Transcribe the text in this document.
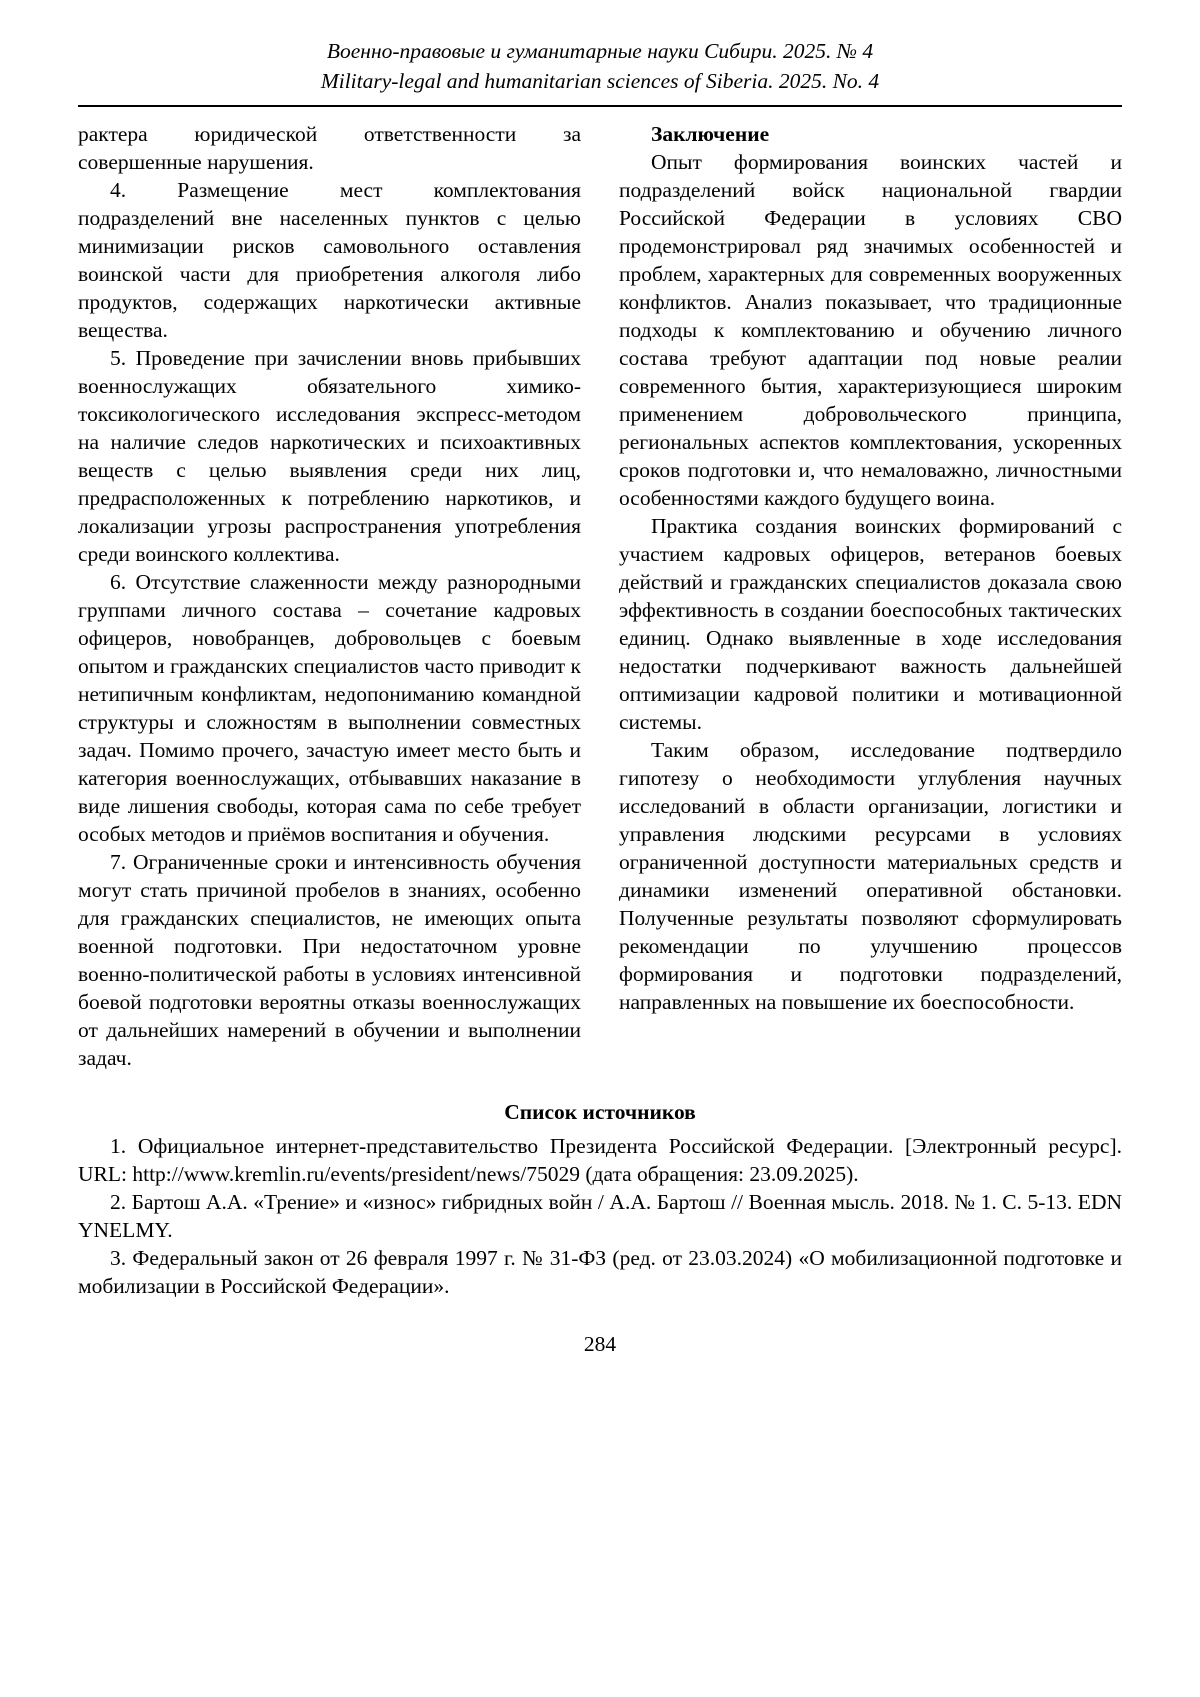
Военно-правовые и гуманитарные науки Сибири. 2025. № 4
Military-legal and humanitarian sciences of Siberia. 2025. No. 4

рактера юридической ответственности за совершенные нарушения.

4. Размещение мест комплектования подразделений вне населенных пунктов с целью минимизации рисков самовольного оставления воинской части для приобретения алкоголя либо продуктов, содержащих наркотически активные вещества.

5. Проведение при зачислении вновь прибывших военнослужащих обязательного химико-токсикологического исследования экспресс-методом на наличие следов наркотических и психоактивных веществ с целью выявления среди них лиц, предрасположенных к потреблению наркотиков, и локализации угрозы распространения употребления среди воинского коллектива.

6. Отсутствие слаженности между разнородными группами личного состава – сочетание кадровых офицеров, новобранцев, добровольцев с боевым опытом и гражданских специалистов часто приводит к нетипичным конфликтам, недопониманию командной структуры и сложностям в выполнении совместных задач. Помимо прочего, зачастую имеет место быть и категория военнослужащих, отбывавших наказание в виде лишения свободы, которая сама по себе требует особых методов и приёмов воспитания и обучения.

7. Ограниченные сроки и интенсивность обучения могут стать причиной пробелов в знаниях, особенно для гражданских специалистов, не имеющих опыта военной подготовки. При недостаточном уровне военно-политической работы в условиях интенсивной боевой подготовки вероятны отказы военнослужащих от дальнейших намерений в обучении и выполнении задач.

Заключение

Опыт формирования воинских частей и подразделений войск национальной гвардии Российской Федерации в условиях СВО продемонстрировал ряд значимых особенностей и проблем, характерных для современных вооруженных конфликтов. Анализ показывает, что традиционные подходы к комплектованию и обучению личного состава требуют адаптации под новые реалии современного бытия, характеризующиеся широким применением добровольческого принципа, региональных аспектов комплектования, ускоренных сроков подготовки и, что немаловажно, личностными особенностями каждого будущего воина.

Практика создания воинских формирований с участием кадровых офицеров, ветеранов боевых действий и гражданских специалистов доказала свою эффективность в создании боеспособных тактических единиц. Однако выявленные в ходе исследования недостатки подчеркивают важность дальнейшей оптимизации кадровой политики и мотивационной системы.

Таким образом, исследование подтвердило гипотезу о необходимости углубления научных исследований в области организации, логистики и управления людскими ресурсами в условиях ограниченной доступности материальных средств и динамики изменений оперативной обстановки. Полученные результаты позволяют сформулировать рекомендации по улучшению процессов формирования и подготовки подразделений, направленных на повышение их боеспособности.

Список источников

1. Официальное интернет-представительство Президента Российской Федерации. [Электронный ресурс]. URL: http://www.kremlin.ru/events/president/news/75029 (дата обращения: 23.09.2025).

2. Бартош А.А. «Трение» и «износ» гибридных войн / А.А. Бартош // Военная мысль. 2018. № 1. С. 5-13. EDN YNELMY.

3. Федеральный закон от 26 февраля 1997 г. № 31-ФЗ (ред. от 23.03.2024) «О мобилизационной подготовке и мобилизации в Российской Федерации».

284
